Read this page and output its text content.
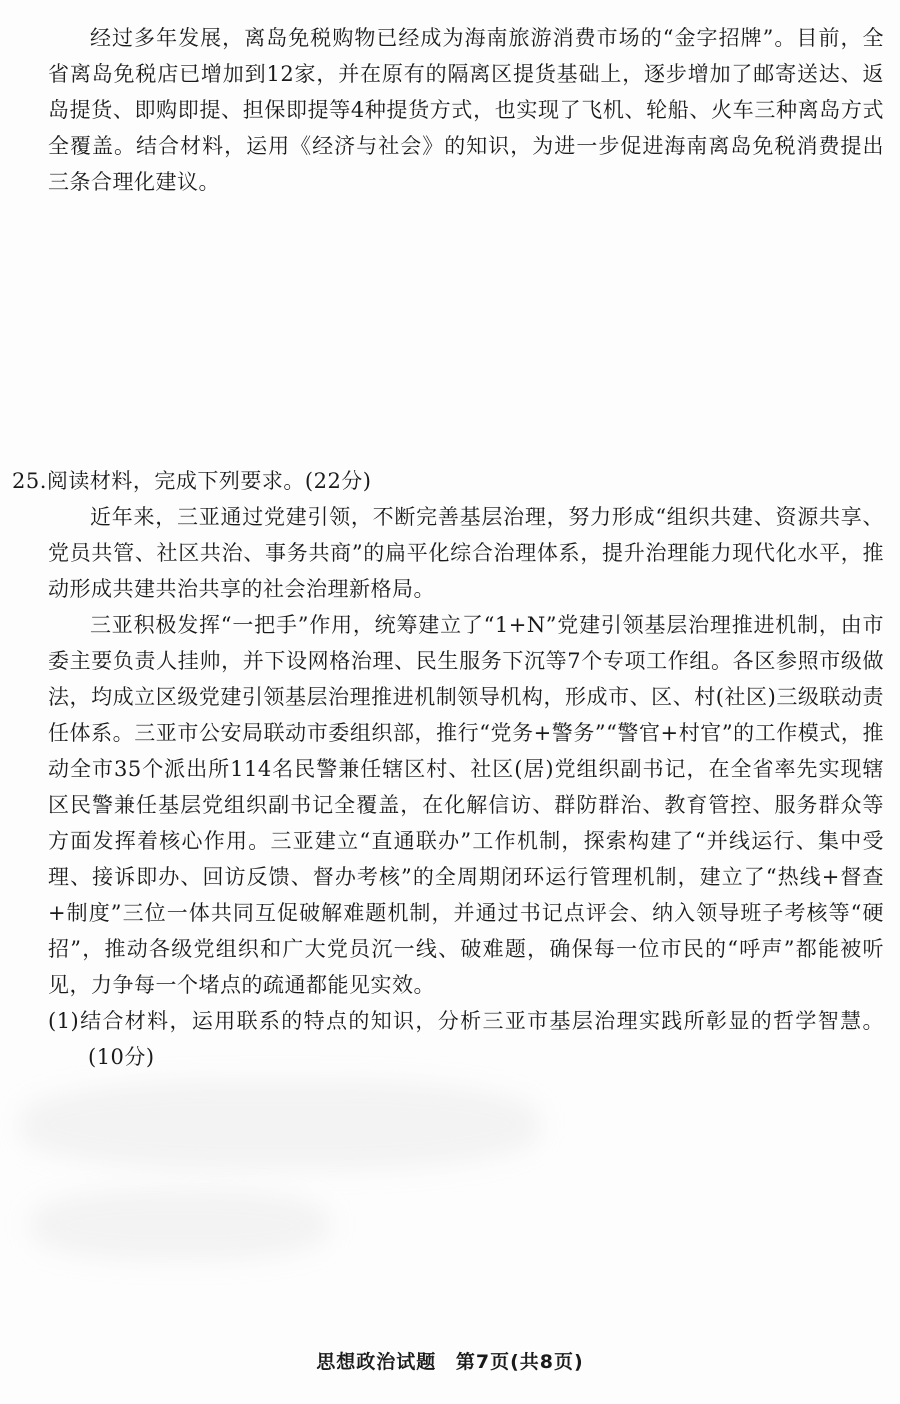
经过多年发展，离岛免税购物已经成为海南旅游消费市场的“金字招牌”。目前，全省离岛免税店已增加到12家，并在原有的隔离区提货基础上，逐步增加了邮寄送达、返岛提货、即购即提、担保即提等4种提货方式，也实现了飞机、轮船、火车三种离岛方式全覆盖。结合材料，运用《经济与社会》的知识，为进一步促进海南离岛免税消费提出三条合理化建议。

25.阅读材料，完成下列要求。(22分)

近年来，三亚通过党建引领，不断完善基层治理，努力形成“组织共建、资源共享、党员共管、社区共治、事务共商”的扁平化综合治理体系，提升治理能力现代化水平，推动形成共建共治共享的社会治理新格局。

三亚积极发挥“一把手”作用，统筹建立了“1+N”党建引领基层治理推进机制，由市委主要负责人挂帅，并下设网格治理、民生服务下沉等7个专项工作组。各区参照市级做法，均成立区级党建引领基层治理推进机制领导机构，形成市、区、村(社区)三级联动责任体系。三亚市公安局联动市委组织部，推行“党务+警务”“警官+村官”的工作模式，推动全市35个派出所114名民警兼任辖区村、社区(居)党组织副书记，在全省率先实现辖区民警兼任基层党组织副书记全覆盖，在化解信访、群防群治、教育管控、服务群众等方面发挥着核心作用。三亚建立“直通联办”工作机制，探索构建了“并线运行、集中受理、接诉即办、回访反馈、督办考核”的全周期闭环运行管理机制，建立了“热线+督查+制度”三位一体共同互促破解难题机制，并通过书记点评会、纳入领导班子考核等“硬招”，推动各级党组织和广大党员沉一线、破难题，确保每一位市民的“呼声”都能被听见，力争每一个堵点的疏通都能见实效。

(1)结合材料，运用联系的特点的知识，分析三亚市基层治理实践所彰显的哲学智慧。(10分)

思想政治试题 第7页(共8页)
